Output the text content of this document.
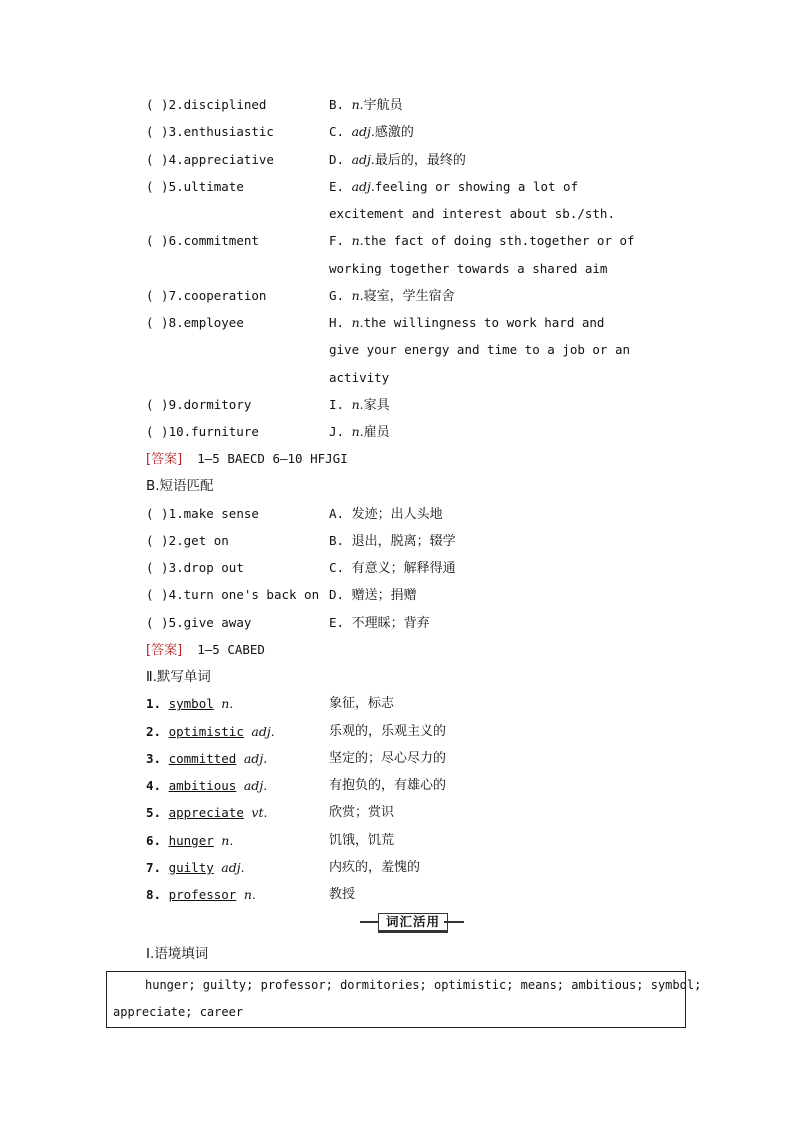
( )2.disciplined	B. n.宇航员
( )3.enthusiastic	C. adj.感激的
( )4.appreciative	D. adj.最后的，最终的
( )5.ultimate	E. adj.feeling or showing a lot of
excitement and interest about sb./sth.
( )6.commitment	F. n.the fact of doing sth.together or of
working together towards a shared aim
( )7.cooperation	G. n.寝室，学生宿舍
( )8.employee	H. n.the willingness to work hard and
give your energy and time to a job or an
activity
( )9.dormitory	I. n.家具
( )10.furniture	J. n.雇员
[答案] 1—5 BAECD 6—10 HFJGI
B.短语匹配
( )1.make sense	A. 发迹；出人头地
( )2.get on	B. 退出，脱离；辍学
( )3.drop out	C. 有意义；解释得通
( )4.turn one's back on D. 赠送；捐赠
( )5.give away	E. 不理睬；背弃
[答案] 1—5 CABED
Ⅱ.默写单词
1. symbol n.	象征，标志
2. optimistic adj.	乐观的，乐观主义的
3. committed adj.	坚定的；尽心尽力的
4. ambitious adj.	有抱负的，有雄心的
5. appreciate vt.	欣赏；赏识
6. hunger n.	饥饿，饥荒
7. guilty adj.	内疚的，羞愧的
8. professor n.	教授
词汇活用
Ⅰ.语境填词
hunger; guilty; professor; dormitories; optimistic; means; ambitious; symbol;
appreciate; career
